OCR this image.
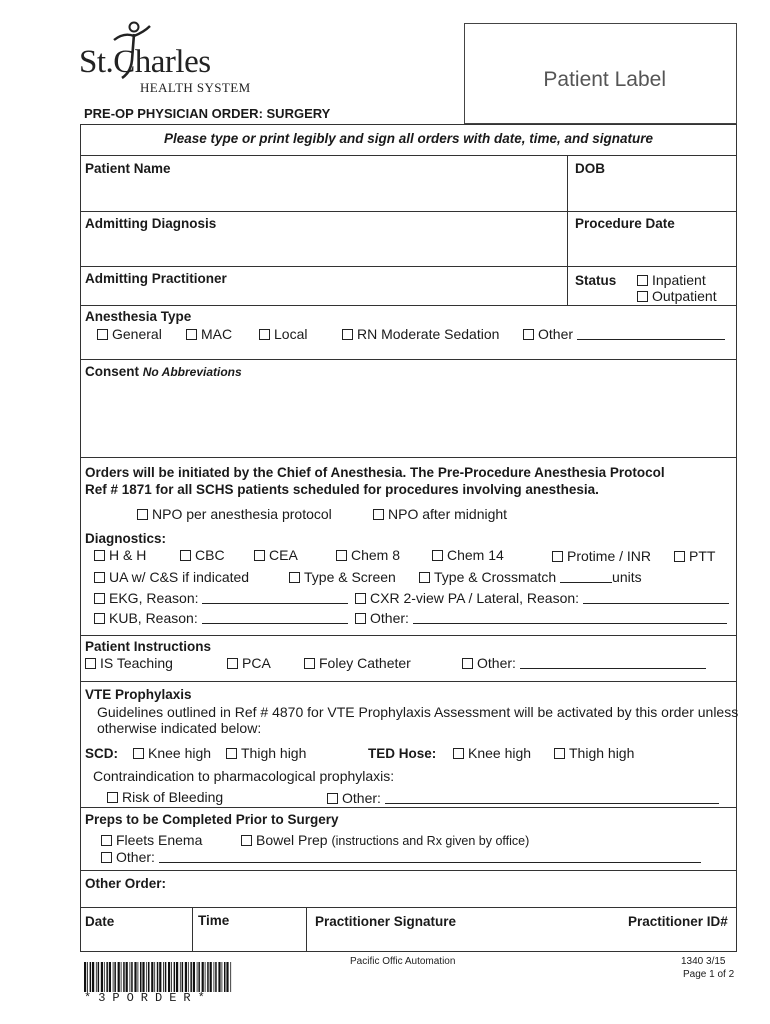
St.Charles
HEALTH SYSTEM
PRE-OP PHYSICIAN ORDER: SURGERY
Patient Label
Please type or print legibly and sign all orders with date, time, and signature
Patient Name	DOB
Admitting Diagnosis	Procedure Date
Admitting Practitioner	Status	Inpatient
Outpatient
Anesthesia Type
General	MAC	Local	RN Moderate Sedation	Other
Consent No Abbreviations
Orders will be initiated by the Chief of Anesthesia. The Pre-Procedure Anesthesia Protocol
Ref # 1871 for all SCHS patients scheduled for procedures involving anesthesia.
NPO per anesthesia protocol	NPO after midnight
Diagnostics:
H & H	CBC	CEA	Chem 8	Chem 14	Protime / INR	PTT
UA w/ C&S if indicated	Type & Screen	Type & Crossmatch	units
EKG, Reason:	CXR 2-view PA / Lateral, Reason:
KUB, Reason:	Other:
Patient Instructions
IS Teaching	PCA	Foley Catheter	Other:
VTE Prophylaxis
Guidelines outlined in Ref # 4870 for VTE Prophylaxis Assessment will be activated by this order unless
otherwise indicated below:
SCD:	Knee high	Thigh high	TED Hose:	Knee high	Thigh high
Contraindication to pharmacological prophylaxis:
Risk of Bleeding	Other:
Preps to be Completed Prior to Surgery
Fleets Enema	Bowel Prep (instructions and Rx given by office)
Other:
Other Order:
Date	Time	Practitioner Signature	Practitioner ID#
*3PORDER*
Pacific Offic Automation	1340 3/15
Page 1 of 2
